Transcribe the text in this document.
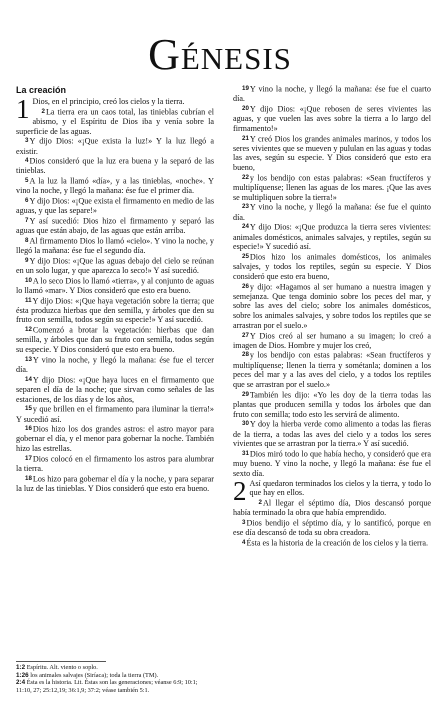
Génesis
La creación

1 Dios, en el principio, creó los cielos y la tierra.

2La tierra era un caos total, las tinieblas cubrían el abismo, y el Espíritu de Dios iba y venía sobre la superficie de las aguas.

3Y dijo Dios: «¡Que exista la luz!» Y la luz llegó a existir.

4Dios consideró que la luz era buena y la separó de las tinieblas.

5A la luz la llamó «día», y a las tinieblas, «noche». Y vino la noche, y llegó la mañana: ése fue el primer día.

6Y dijo Dios: «¡Que exista el firmamento en medio de las aguas, y que las separe!»

7Y así sucedió: Dios hizo el firmamento y separó las aguas que están abajo, de las aguas que están arriba.

8Al firmamento Dios lo llamó «cielo». Y vino la noche, y llegó la mañana: ése fue el segundo día.

9Y dijo Dios: «¡Que las aguas debajo del cielo se reúnan en un solo lugar, y que aparezca lo seco!» Y así sucedió.

10A lo seco Dios lo llamó «tierra», y al conjunto de aguas lo llamó «mar». Y Dios consideró que esto era bueno.

11Y dijo Dios: «¡Que haya vegetación sobre la tierra; que ésta produzca hierbas que den semilla, y árboles que den su fruto con semilla, todos según su especie!» Y así sucedió.

12Comenzó a brotar la vegetación: hierbas que dan semilla, y árboles que dan su fruto con semilla, todos según su especie. Y Dios consideró que esto era bueno.

13Y vino la noche, y llegó la mañana: ése fue el tercer día.

14Y dijo Dios: «¡Que haya luces en el firmamento que separen el día de la noche; que sirvan como señales de las estaciones, de los días y de los años,

15y que brillen en el firmamento para iluminar la tierra!» Y sucedió así.

16Dios hizo los dos grandes astros: el astro mayor para gobernar el día, y el menor para gobernar la noche. También hizo las estrellas.

17Dios colocó en el firmamento los astros para alumbrar la tierra.

18Los hizo para gobernar el día y la noche, y para separar la luz de las tinieblas. Y Dios consideró que esto era bueno.

19Y vino la noche, y llegó la mañana: ése fue el cuarto día.

20Y dijo Dios: «¡Que rebosen de seres vivientes las aguas, y que vuelen las aves sobre la tierra a lo largo del firmamento!»

21Y creó Dios los grandes animales marinos, y todos los seres vivientes que se mueven y pululan en las aguas y todas las aves, según su especie. Y Dios consideró que esto era bueno,

22y los bendijo con estas palabras: «Sean fructíferos y multiplíquense; llenen las aguas de los mares. ¡Que las aves se multipliquen sobre la tierra!»

23Y vino la noche, y llegó la mañana: ése fue el quinto día.

24Y dijo Dios: «¡Que produzca la tierra seres vivientes: animales domésticos, animales salvajes, y reptiles, según su especie!» Y sucedió así.

25Dios hizo los animales domésticos, los animales salvajes, y todos los reptiles, según su especie. Y Dios consideró que esto era bueno,

26y dijo: «Hagamos al ser humano a nuestra imagen y semejanza. Que tenga dominio sobre los peces del mar, y sobre las aves del cielo; sobre los animales domésticos, sobre los animales salvajes, y sobre todos los reptiles que se arrastran por el suelo.»

27Y Dios creó al ser humano a su imagen; lo creó a imagen de Dios. Hombre y mujer los creó,

28y los bendijo con estas palabras: «Sean fructíferos y multiplíquense; llenen la tierra y sométanla; dominen a los peces del mar y a las aves del cielo, y a todos los reptiles que se arrastran por el suelo.»

29También les dijo: «Yo les doy de la tierra todas las plantas que producen semilla y todos los árboles que dan fruto con semilla; todo esto les servirá de alimento.

30Y doy la hierba verde como alimento a todas las fieras de la tierra, a todas las aves del cielo y a todos los seres vivientes que se arrastran por la tierra.» Y así sucedió.

31Dios miró todo lo que había hecho, y consideró que era muy bueno. Y vino la noche, y llegó la mañana: ése fue el sexto día.

2 Así quedaron terminados los cielos y la tierra, y todo lo que hay en ellos.

2Al llegar el séptimo día, Dios descansó porque había terminado la obra que había emprendido.

3Dios bendijo el séptimo día, y lo santificó, porque en ese día descansó de toda su obra creadora.

4Ésta es la historia de la creación de los cielos y la tierra.

1:2 Espíritu. Alt. viento o soplo.

1:26 los animales salvajes (Siríaca); toda la tierra (TM).

2:4 Ésta es la historia. Lit. Éstas son las generaciones; véanse 6:9; 10:1; 11:10, 27; 25:12,19; 36:1,9; 37:2; véase también 5:1.
